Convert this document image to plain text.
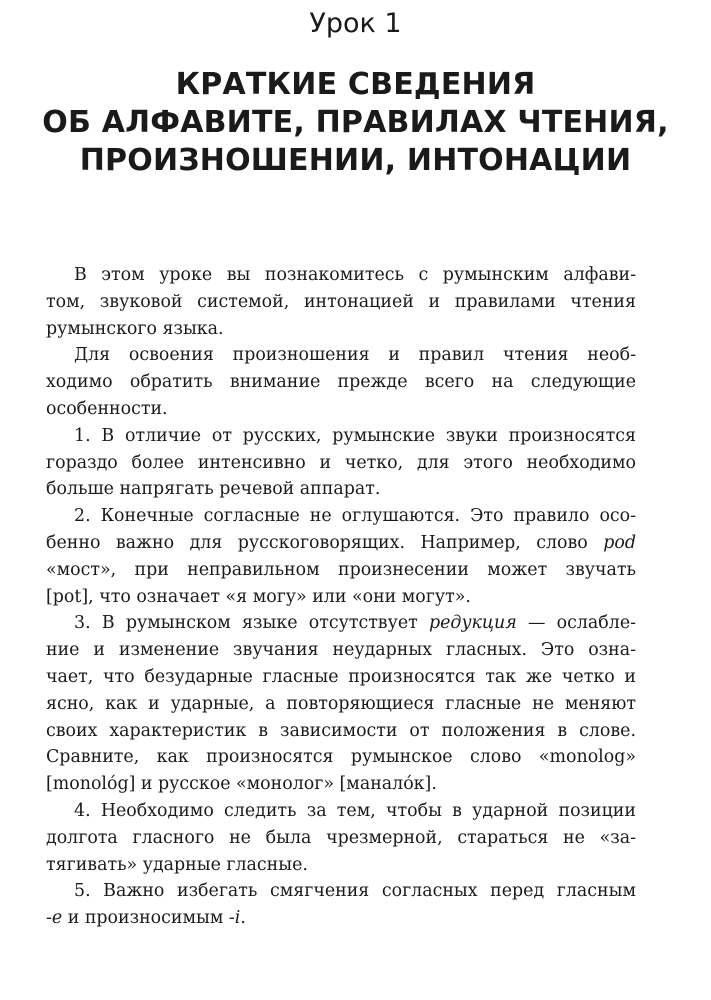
Урок 1
КРАТКИЕ СВЕДЕНИЯ
ОБ АЛФАВИТЕ, ПРАВИЛАХ ЧТЕНИЯ,
ПРОИЗНОШЕНИИ, ИНТОНАЦИИ
В этом уроке вы познакомитесь с румынским алфави-
том, звуковой системой, интонацией и правилами чтения
румынского языка.
Для освоения произношения и правил чтения необ-
ходимо обратить внимание прежде всего на следующие
особенности.
1. В отличие от русских, румынские звуки произносятся
гораздо более интенсивно и четко, для этого необходимо
больше напрягать речевой аппарат.
2. Конечные согласные не оглушаются. Это правило осо-
бенно важно для русскоговорящих. Например, слово pod
«мост», при неправильном произнесении может звучать
[pot], что означает «я могу» или «они могут».
3. В румынском языке отсутствует редукция — ослабле-
ние и изменение звучания неударных гласных. Это озна-
чает, что безударные гласные произносятся так же четко и
ясно, как и ударные, а повторяющиеся гласные не меняют
своих характеристик в зависимости от положения в слове.
Сравните, как произносятся румынское слово «monolog»
[monolо́g] и русское «монолог» [манало́к].
4. Необходимо следить за тем, чтобы в ударной позиции
долгота гласного не была чрезмерной, стараться не «за-
тягивать» ударные гласные.
5. Важно избегать смягчения согласных перед гласным
-е и произносимым -i.
